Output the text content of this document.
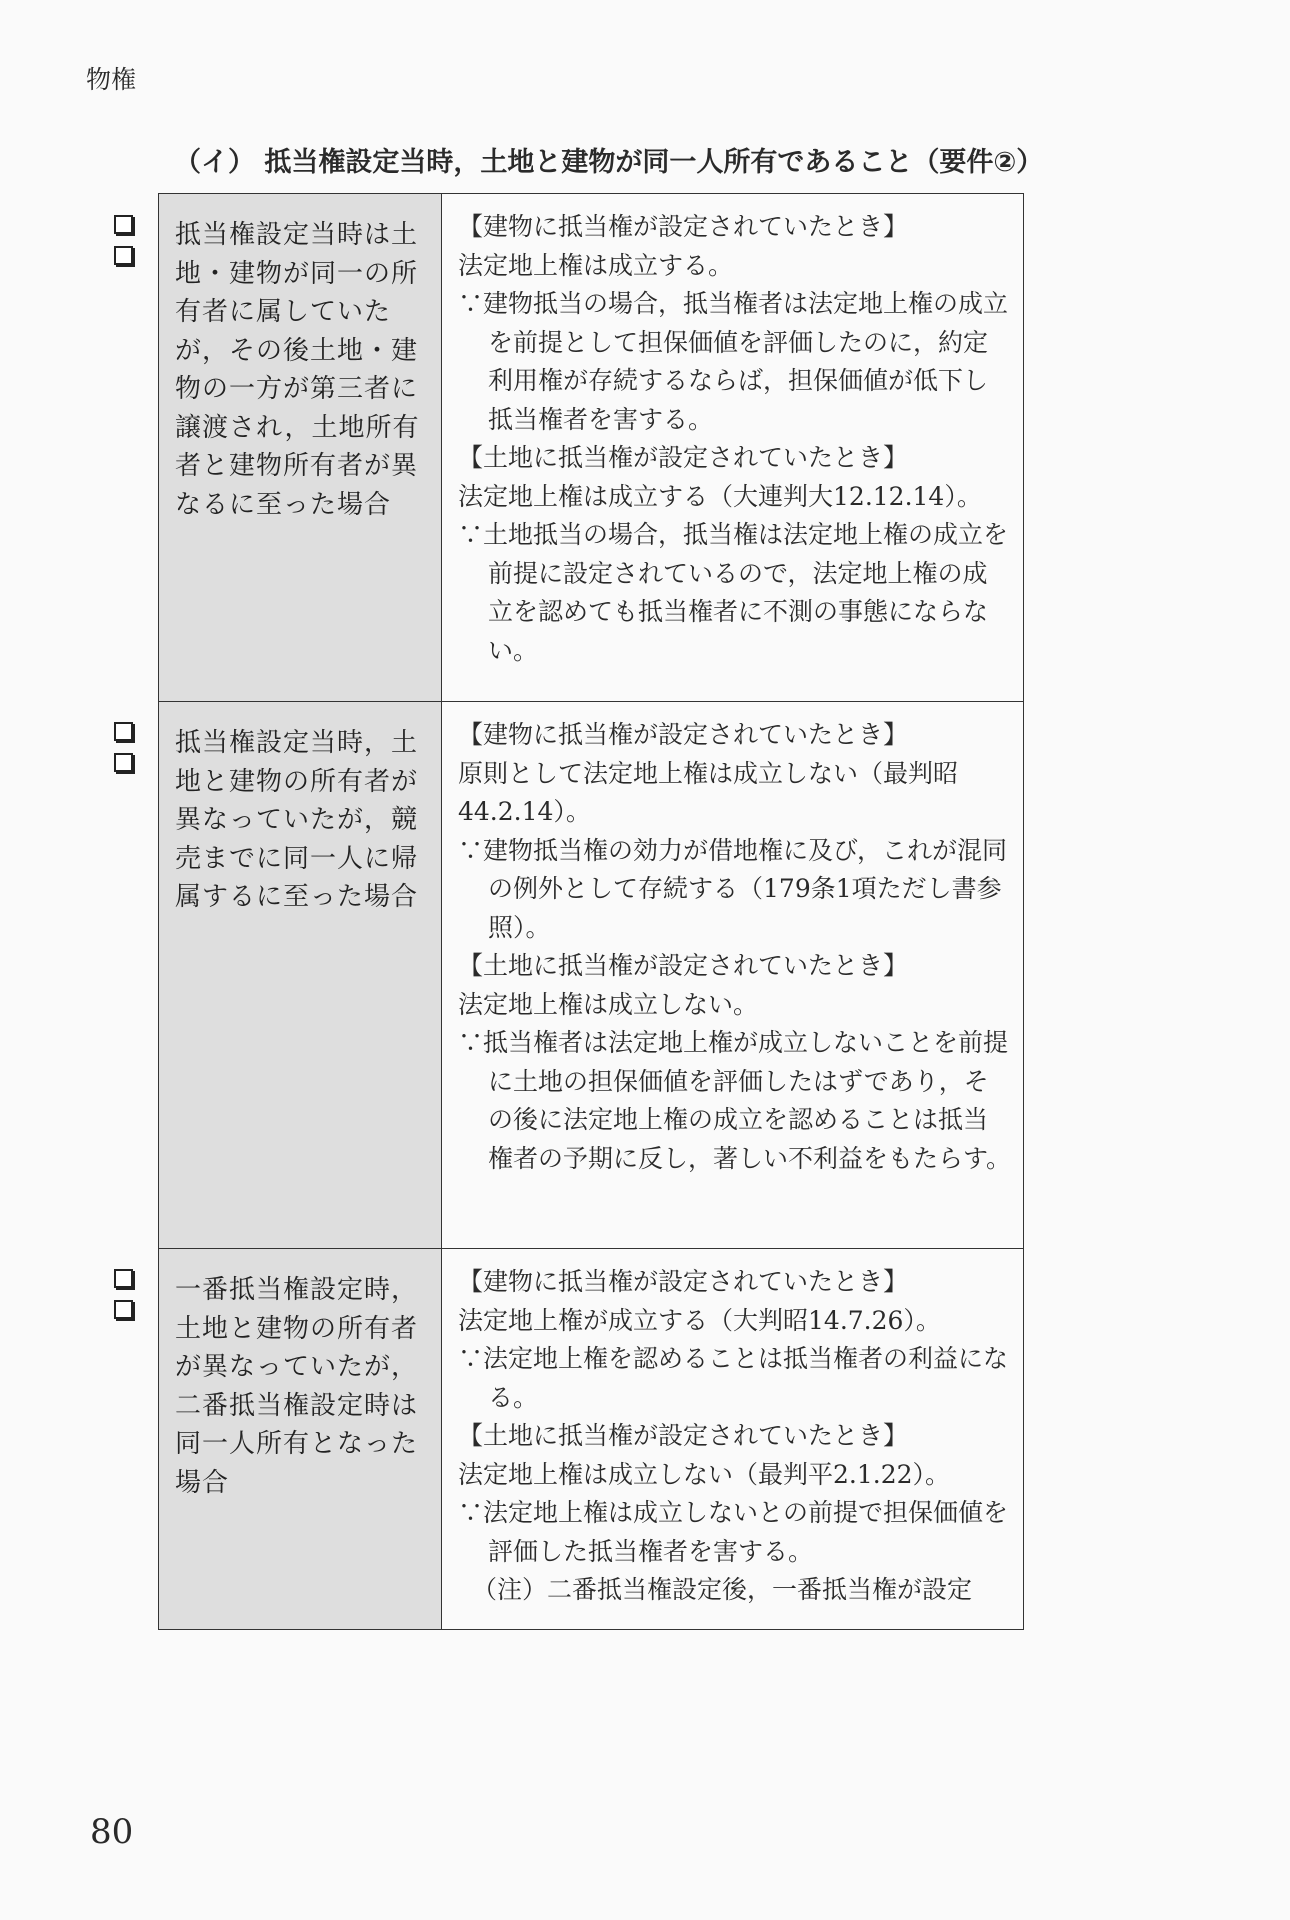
物権
（イ） 抵当権設定当時，土地と建物が同一人所有であること（要件②）
抵当権設定当時は土地・建物が同一の所有者に属していたが，その後土地・建物の一方が第三者に譲渡され，土地所有者と建物所有者が異なるに至った場合
【建物に抵当権が設定されていたとき】
法定地上権は成立する。
∵建物抵当の場合，抵当権者は法定地上権の成立を前提として担保価値を評価したのに，約定利用権が存続するならば，担保価値が低下し抵当権者を害する。
【土地に抵当権が設定されていたとき】
法定地上権は成立する（大連判大12.12.14）。
∵土地抵当の場合，抵当権は法定地上権の成立を前提に設定されているので，法定地上権の成立を認めても抵当権者に不測の事態にならない。
抵当権設定当時，土地と建物の所有者が異なっていたが，競売までに同一人に帰属するに至った場合
【建物に抵当権が設定されていたとき】
原則として法定地上権は成立しない（最判昭44.2.14）。
∵建物抵当権の効力が借地権に及び，これが混同の例外として存続する（179条1項ただし書参照）。
【土地に抵当権が設定されていたとき】
法定地上権は成立しない。
∵抵当権者は法定地上権が成立しないことを前提に土地の担保価値を評価したはずであり，その後に法定地上権の成立を認めることは抵当権者の予期に反し，著しい不利益をもたらす。
一番抵当権設定時，土地と建物の所有者が異なっていたが，二番抵当権設定時は同一人所有となった場合
【建物に抵当権が設定されていたとき】
法定地上権が成立する（大判昭14.7.26）。
∵法定地上権を認めることは抵当権者の利益になる。
【土地に抵当権が設定されていたとき】
法定地上権は成立しない（最判平2.1.22）。
∵法定地上権は成立しないとの前提で担保価値を評価した抵当権者を害する。
（注）二番抵当権設定後，一番抵当権が設定
80
